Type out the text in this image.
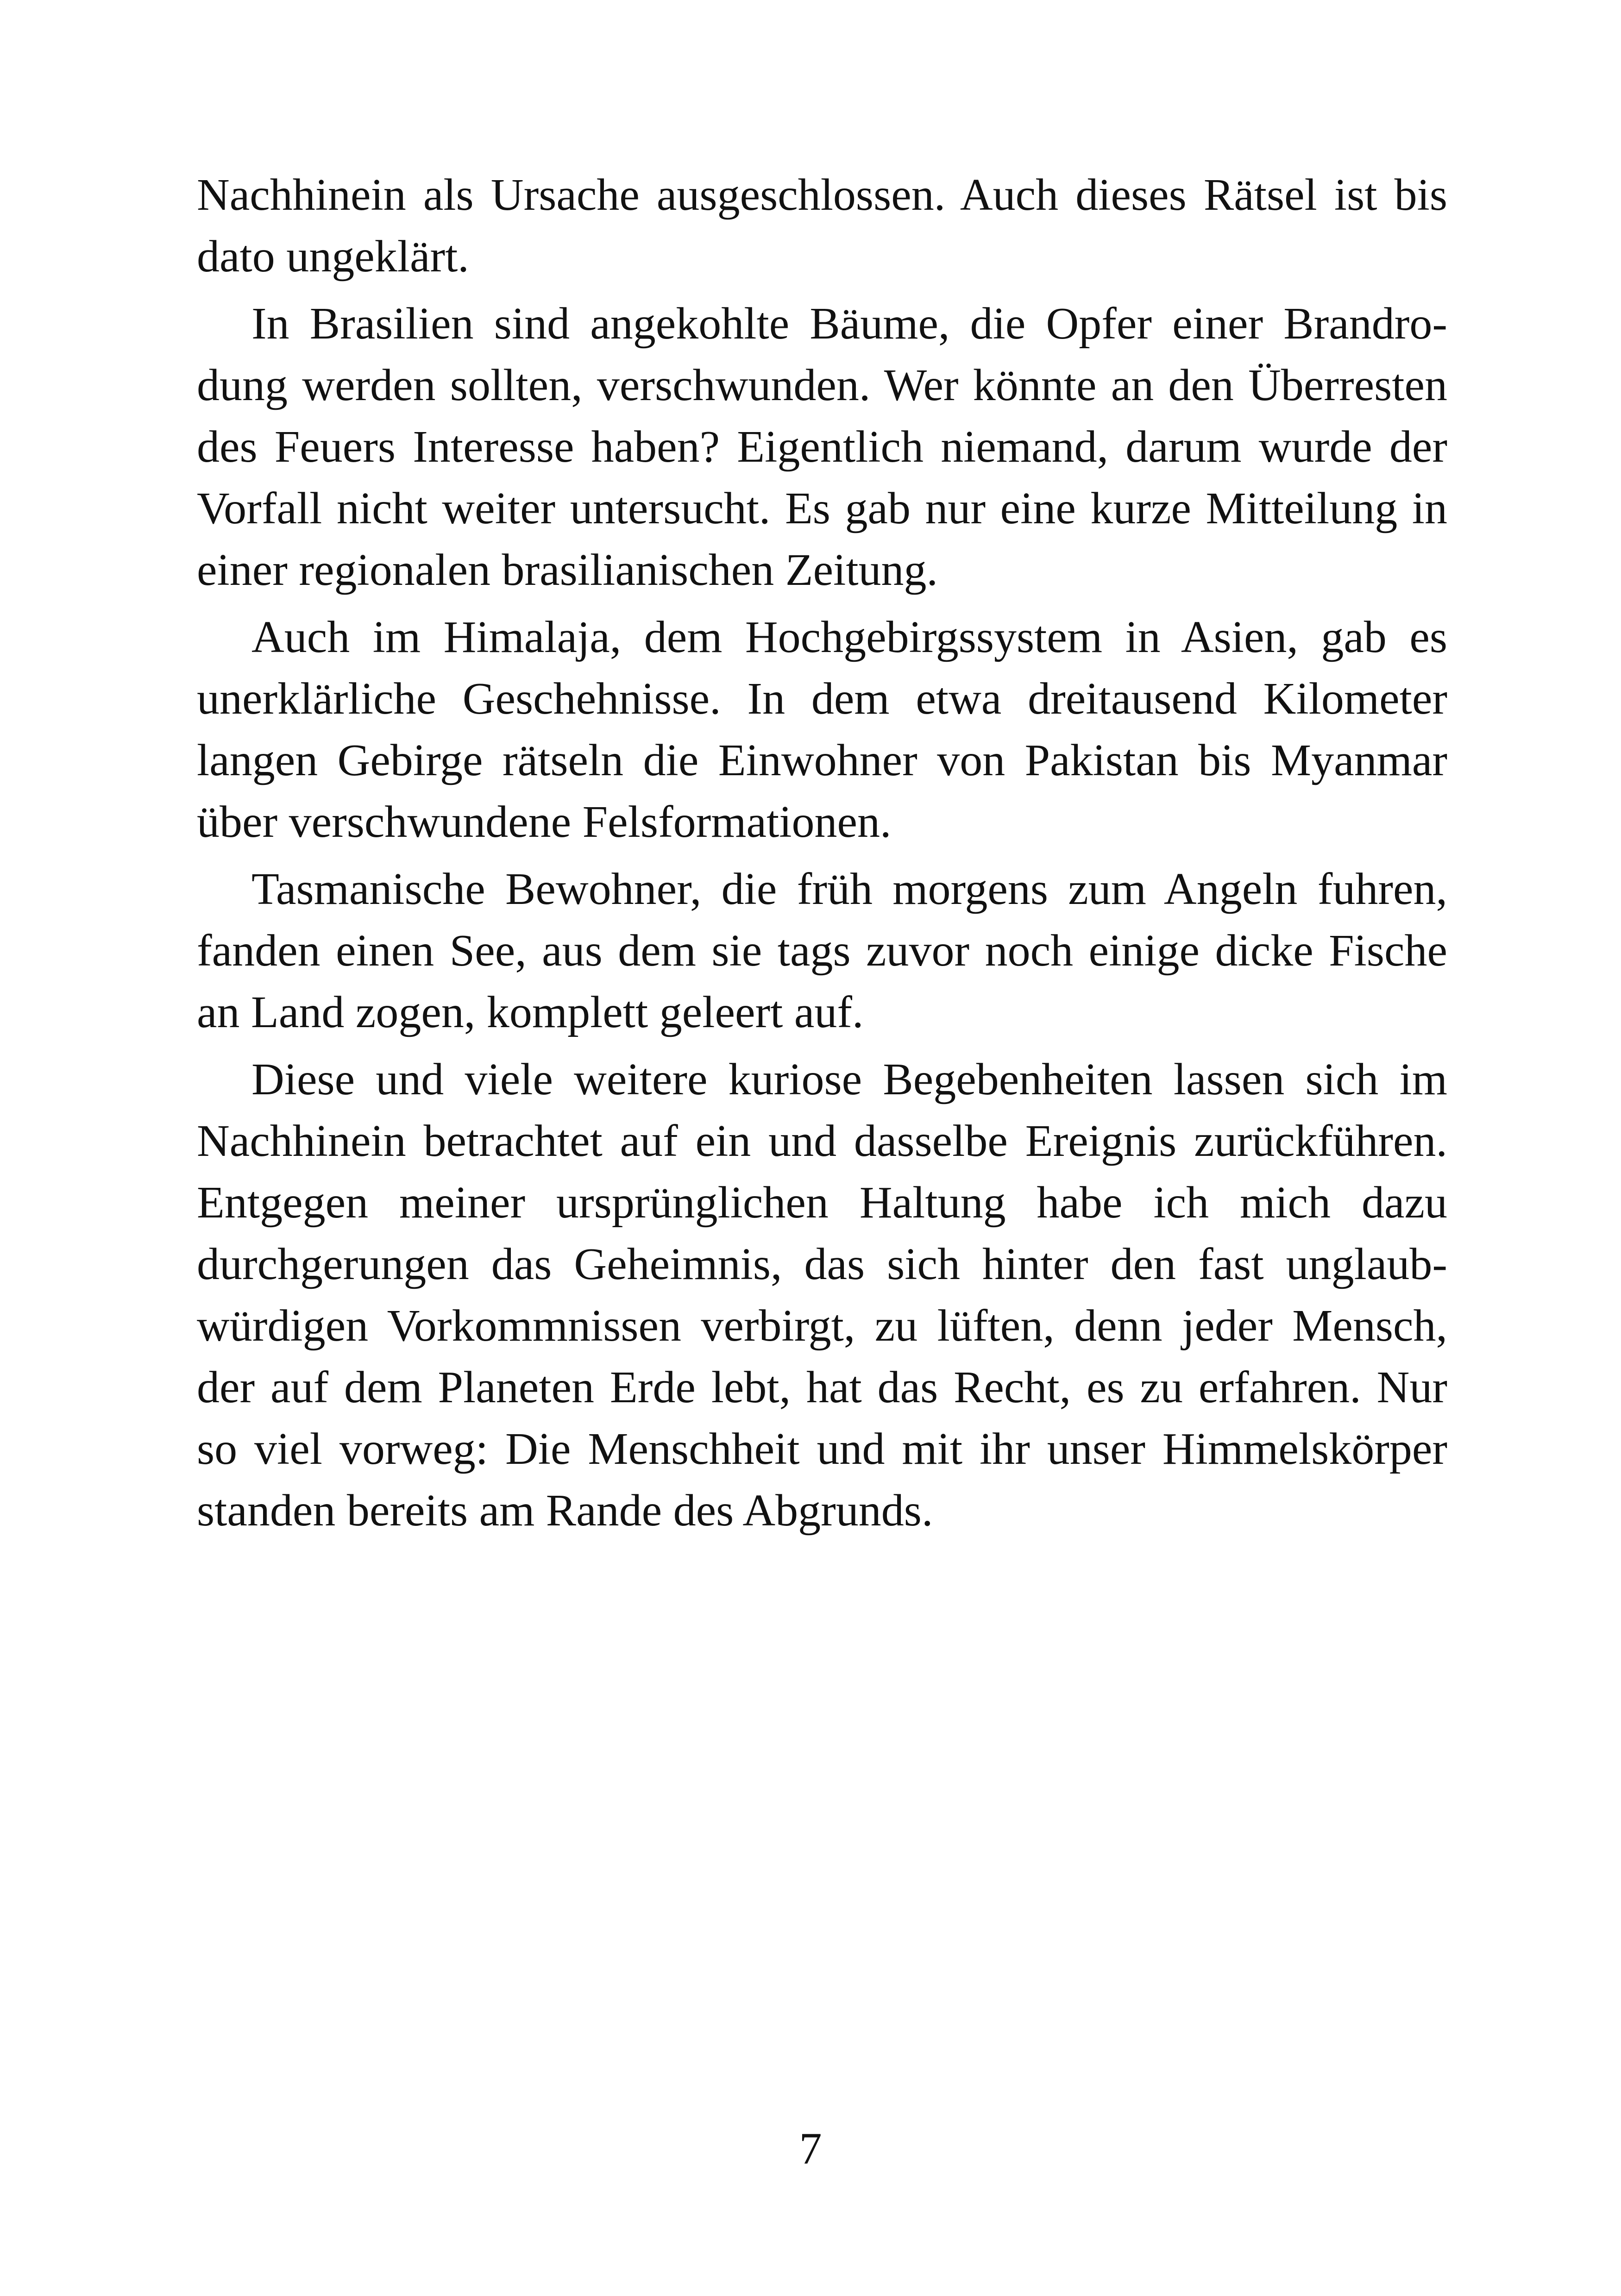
Nachhinein als Ursache ausgeschlossen. Auch dieses Rätsel ist bis
dato ungeklärt.
In Brasilien sind angekohlte Bäume, die Opfer einer Brandro-
dung werden sollten, verschwunden. Wer könnte an den Überresten
des Feuers Interesse haben? Eigentlich niemand, darum wurde der
Vorfall nicht weiter untersucht. Es gab nur eine kurze Mitteilung in
einer regionalen brasilianischen Zeitung.
Auch im Himalaja, dem Hochgebirgssystem in Asien, gab es
unerklärliche Geschehnisse. In dem etwa dreitausend Kilometer
langen Gebirge rätseln die Einwohner von Pakistan bis Myanmar
über verschwundene Felsformationen.
Tasmanische Bewohner, die früh morgens zum Angeln fuhren,
fanden einen See, aus dem sie tags zuvor noch einige dicke Fische
an Land zogen, komplett geleert auf.
Diese und viele weitere kuriose Begebenheiten lassen sich im
Nachhinein betrachtet auf ein und dasselbe Ereignis zurückführen.
Entgegen meiner ursprünglichen Haltung habe ich mich dazu
durchgerungen das Geheimnis, das sich hinter den fast unglaub-
würdigen Vorkommnissen verbirgt, zu lüften, denn jeder Mensch,
der auf dem Planeten Erde lebt, hat das Recht, es zu erfahren. Nur
so viel vorweg: Die Menschheit und mit ihr unser Himmelskörper
standen bereits am Rande des Abgrunds.
7
